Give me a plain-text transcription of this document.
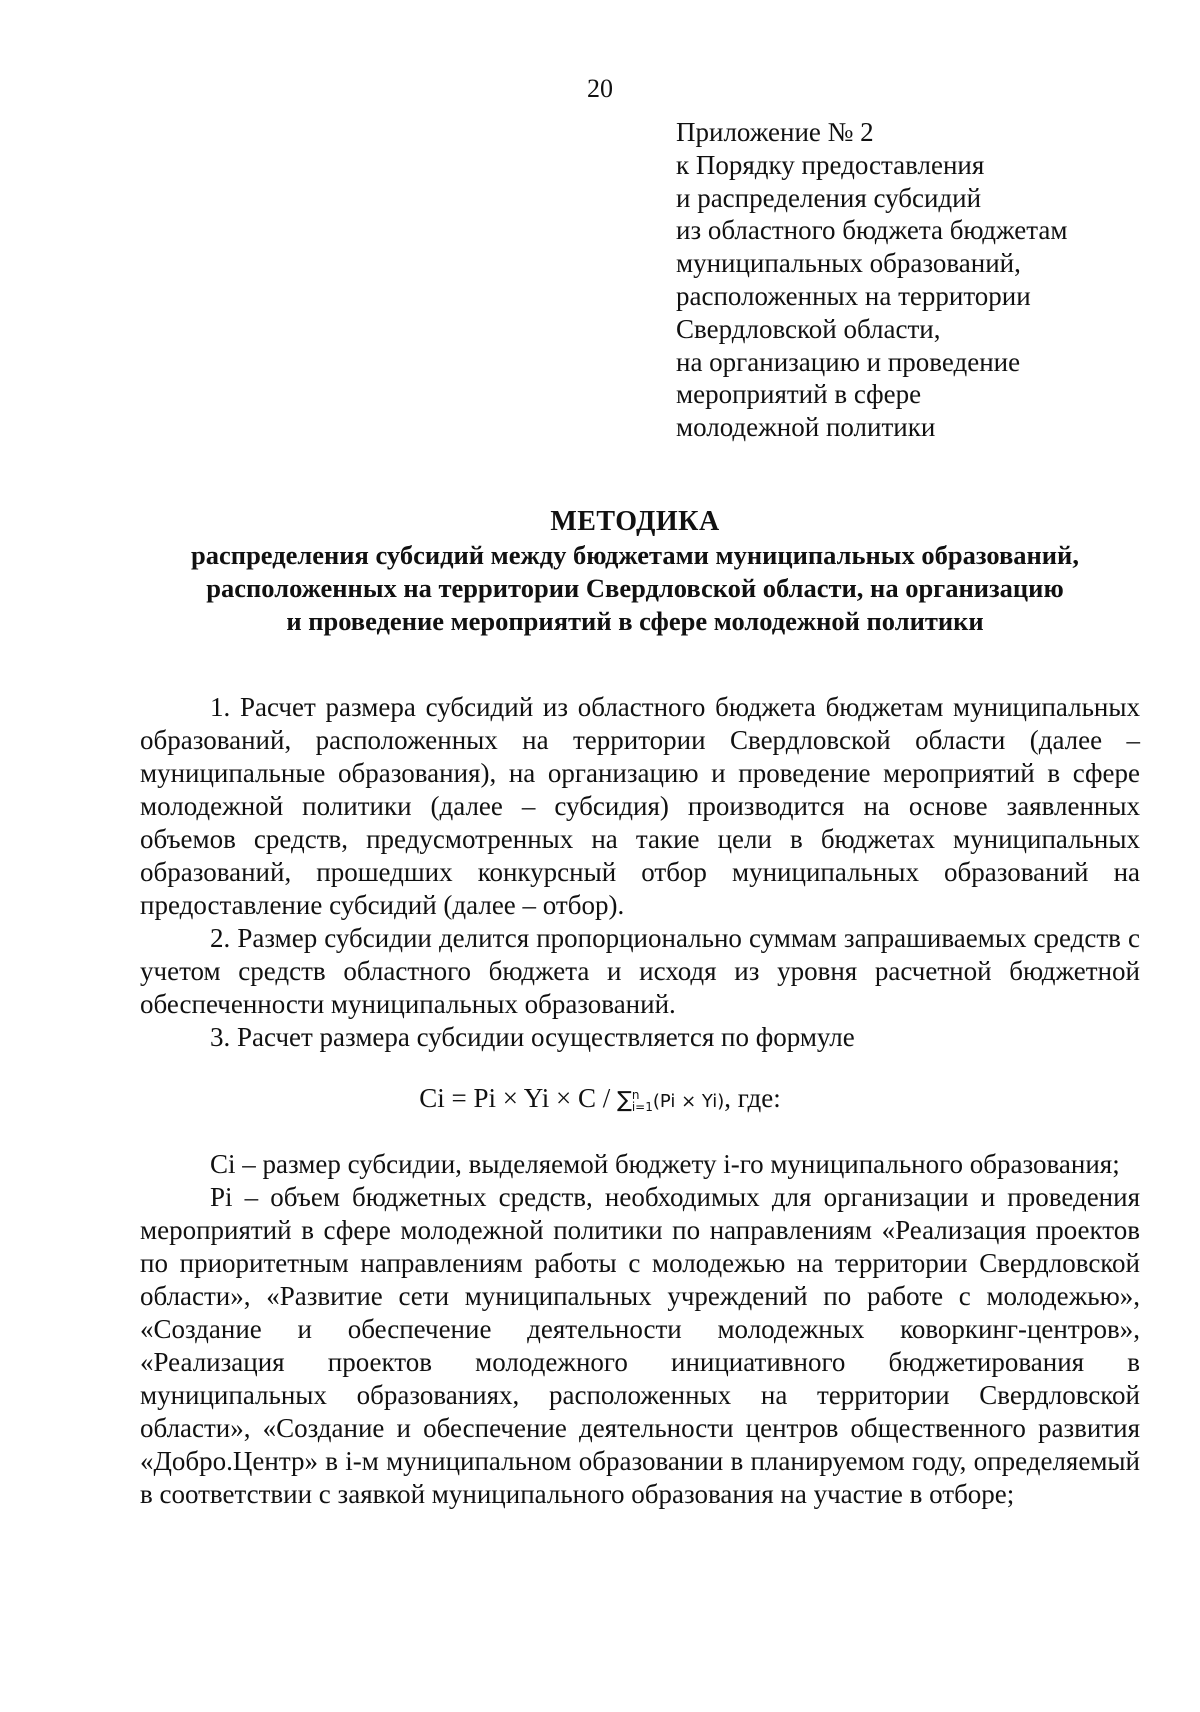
20
Приложение № 2
к Порядку предоставления
и распределения субсидий
из областного бюджета бюджетам
муниципальных образований,
расположенных на территории
Свердловской области,
на организацию и проведение
мероприятий в сфере
молодежной политики
МЕТОДИКА
распределения субсидий между бюджетами муниципальных образований,
расположенных на территории Свердловской области, на организацию
и проведение мероприятий в сфере молодежной политики

1. Расчет размера субсидий из областного бюджета бюджетам муниципальных образований, расположенных на территории Свердловской области (далее – муниципальные образования), на организацию и проведение мероприятий в сфере молодежной политики (далее – субсидия) производится на основе заявленных объемов средств, предусмотренных на такие цели в бюджетах муниципальных образований, прошедших конкурсный отбор муниципальных образований на предоставление субсидий (далее – отбор).

2. Размер субсидии делится пропорционально суммам запрашиваемых средств с учетом средств областного бюджета и исходя из уровня расчетной бюджетной обеспеченности муниципальных образований.

3. Расчет размера субсидии осуществляется по формуле

Ci = Pi × Yi × C / ∑ n
i=1 (Pi × Yi), где:

Ci – размер субсидии, выделяемой бюджету i-го муниципального образования;

Pi – объем бюджетных средств, необходимых для организации и проведения мероприятий в сфере молодежной политики по направлениям «Реализация проектов по приоритетным направлениям работы с молодежью на территории Свердловской области», «Развитие сети муниципальных учреждений по работе с молодежью», «Создание и обеспечение деятельности молодежных коворкинг-центров», «Реализация проектов молодежного инициативного бюджетирования в муниципальных образованиях, расположенных на территории Свердловской области», «Создание и обеспечение деятельности центров общественного развития «Добро.Центр» в i-м муниципальном образовании в планируемом году, определяемый в соответствии с заявкой муниципального образования на участие в отборе;
